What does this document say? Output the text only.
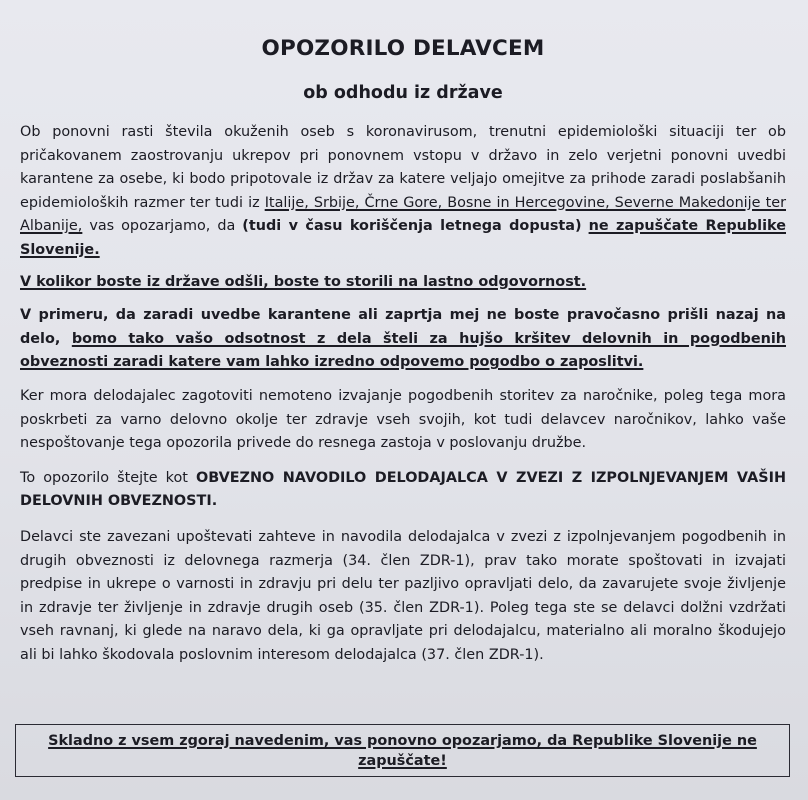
OPOZORILO DELAVCEM
ob odhodu iz države

Ob ponovni rasti števila okuženih oseb s koronavirusom, trenutni epidemiološki situaciji ter ob pričakovanem zaostrovanju ukrepov pri ponovnem vstopu v državo in zelo verjetni ponovni uvedbi karantene za osebe, ki bodo pripotovale iz držav za katere veljajo omejitve za prihode zaradi poslabšanih epidemioloških razmer ter tudi iz Italije, Srbije, Črne Gore, Bosne in Hercegovine, Severne Makedonije ter Albanije, vas opozarjamo, da (tudi v času koriščenja letnega dopusta) ne zapuščate Republike Slovenije.

V kolikor boste iz države odšli, boste to storili na lastno odgovornost.

V primeru, da zaradi uvedbe karantene ali zaprtja mej ne boste pravočasno prišli nazaj na delo, bomo tako vašo odsotnost z dela šteli za hujšo kršitev delovnih in pogodbenih obveznosti zaradi katere vam lahko izredno odpovemo pogodbo o zaposlitvi.

Ker mora delodajalec zagotoviti nemoteno izvajanje pogodbenih storitev za naročnike, poleg tega mora poskrbeti za varno delovno okolje ter zdravje vseh svojih, kot tudi delavcev naročnikov, lahko vaše nespoštovanje tega opozorila privede do resnega zastoja v poslovanju družbe.

To opozorilo štejte kot OBVEZNO NAVODILO DELODAJALCA V ZVEZI Z IZPOLNJEVANJEM VAŠIH DELOVNIH OBVEZNOSTI.

Delavci ste zavezani upoštevati zahteve in navodila delodajalca v zvezi z izpolnjevanjem pogodbenih in drugih obveznosti iz delovnega razmerja (34. člen ZDR-1), prav tako morate spoštovati in izvajati predpise in ukrepe o varnosti in zdravju pri delu ter pazljivo opravljati delo, da zavarujete svoje življenje in zdravje ter življenje in zdravje drugih oseb (35. člen ZDR-1). Poleg tega ste se delavci dolžni vzdržati vseh ravnanj, ki glede na naravo dela, ki ga opravljate pri delodajalcu, materialno ali moralno škodujejo ali bi lahko škodovala poslovnim interesom delodajalca (37. člen ZDR-1).

Skladno z vsem zgoraj navedenim, vas ponovno opozarjamo, da Republike Slovenije ne zapuščate!
